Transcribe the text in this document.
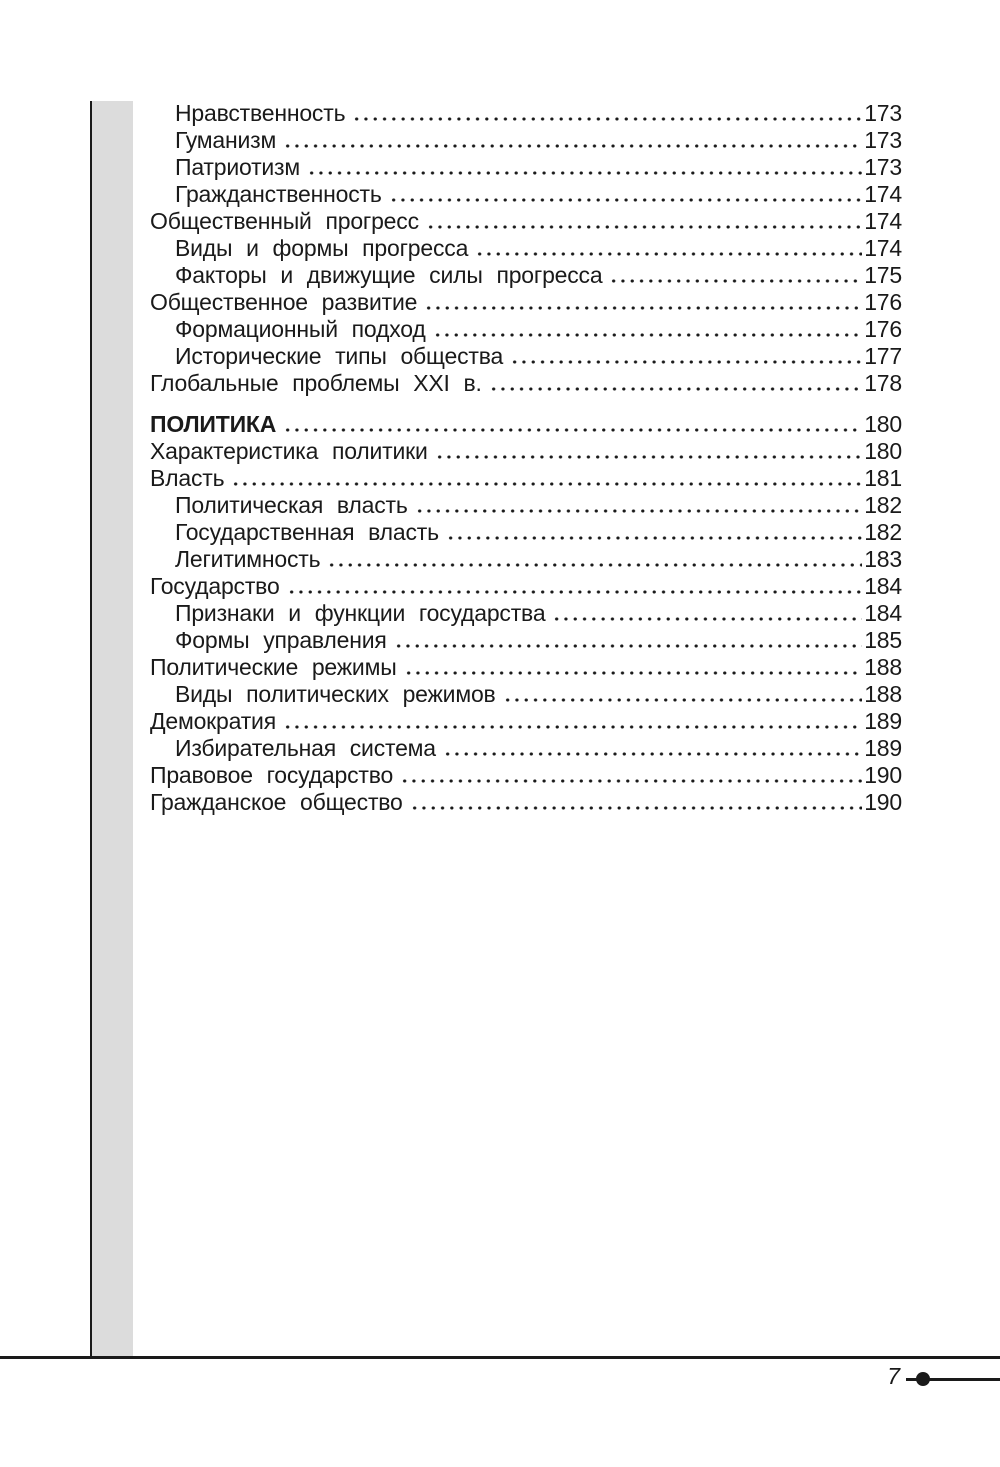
Нравственность	173
Гуманизм	173
Патриотизм	173
Гражданственность	174
Общественный прогресс	174
Виды и формы прогресса	174
Факторы и движущие силы прогресса	175
Общественное развитие	176
Формационный подход	176
Исторические типы общества	177
Глобальные проблемы XXI в.	178
ПОЛИТИКА	180
Характеристика политики	180
Власть	181
Политическая власть	182
Государственная власть	182
Легитимность	183
Государство	184
Признаки и функции государства	184
Формы управления	185
Политические режимы	188
Виды политических режимов	188
Демократия	189
Избирательная система	189
Правовое государство	190
Гражданское общество	190
7
